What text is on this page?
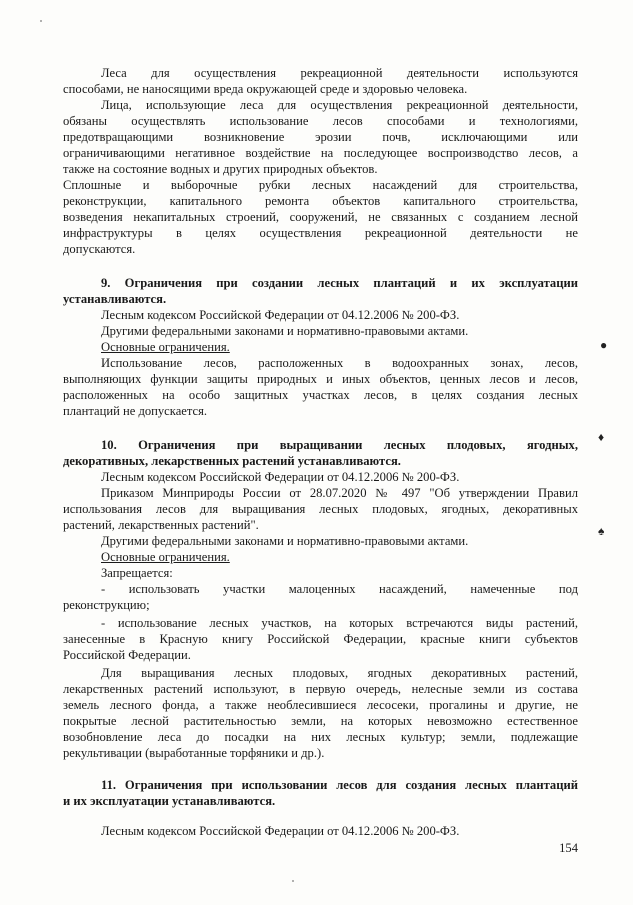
Леса для осуществления рекреационной деятельности используются
способами, не наносящими вреда окружающей среде и здоровью человека.
Лица, использующие леса для осуществления рекреационной деятельности,
обязаны осуществлять использование лесов способами и технологиями,
предотвращающими возникновение эрозии почв, исключающими или
ограничивающими негативное воздействие на последующее воспроизводство лесов, а
также на состояние водных и других природных объектов.
Сплошные и выборочные рубки лесных насаждений для строительства,
реконструкции, капитального ремонта объектов капитального строительства,
возведения некапитальных строений, сооружений, не связанных с созданием лесной
инфраструктуры в целях осуществления рекреационной деятельности не
допускаются.
9. Ограничения при создании лесных плантаций и их эксплуатации
устанавливаются.
Лесным кодексом Российской Федерации от 04.12.2006 № 200-ФЗ.
Другими федеральными законами и нормативно-правовыми актами.
Основные ограничения.
Использование лесов, расположенных в водоохранных зонах, лесов,
выполняющих функции защиты природных и иных объектов, ценных лесов и лесов,
расположенных на особо защитных участках лесов, в целях создания лесных
плантаций не допускается.
10. Ограничения при выращивании лесных плодовых, ягодных,
декоративных, лекарственных растений устанавливаются.
Лесным кодексом Российской Федерации от 04.12.2006 № 200-ФЗ.
Приказом Минприроды России от 28.07.2020 № 497 "Об утверждении Правил
использования лесов для выращивания лесных плодовых, ягодных, декоративных
растений, лекарственных растений".
Другими федеральными законами и нормативно-правовыми актами.
Основные ограничения.
Запрещается:
- использовать участки малоценных насаждений, намеченные под
реконструкцию;
- использование лесных участков, на которых встречаются виды растений,
занесенные в Красную книгу Российской Федерации, красные книги субъектов
Российской Федерации.
Для выращивания лесных плодовых, ягодных декоративных растений,
лекарственных растений используют, в первую очередь, нелесные земли из состава
земель лесного фонда, а также необлесившиеся лесосеки, прогалины и другие, не
покрытые лесной растительностью земли, на которых невозможно естественное
возобновление леса до посадки на них лесных культур; земли, подлежащие
рекультивации (выработанные торфяники и др.).
11. Ограничения при использовании лесов для создания лесных плантаций
и их эксплуатации устанавливаются.
Лесным кодексом Российской Федерации от 04.12.2006 № 200-ФЗ.
●
♦
♠
154
